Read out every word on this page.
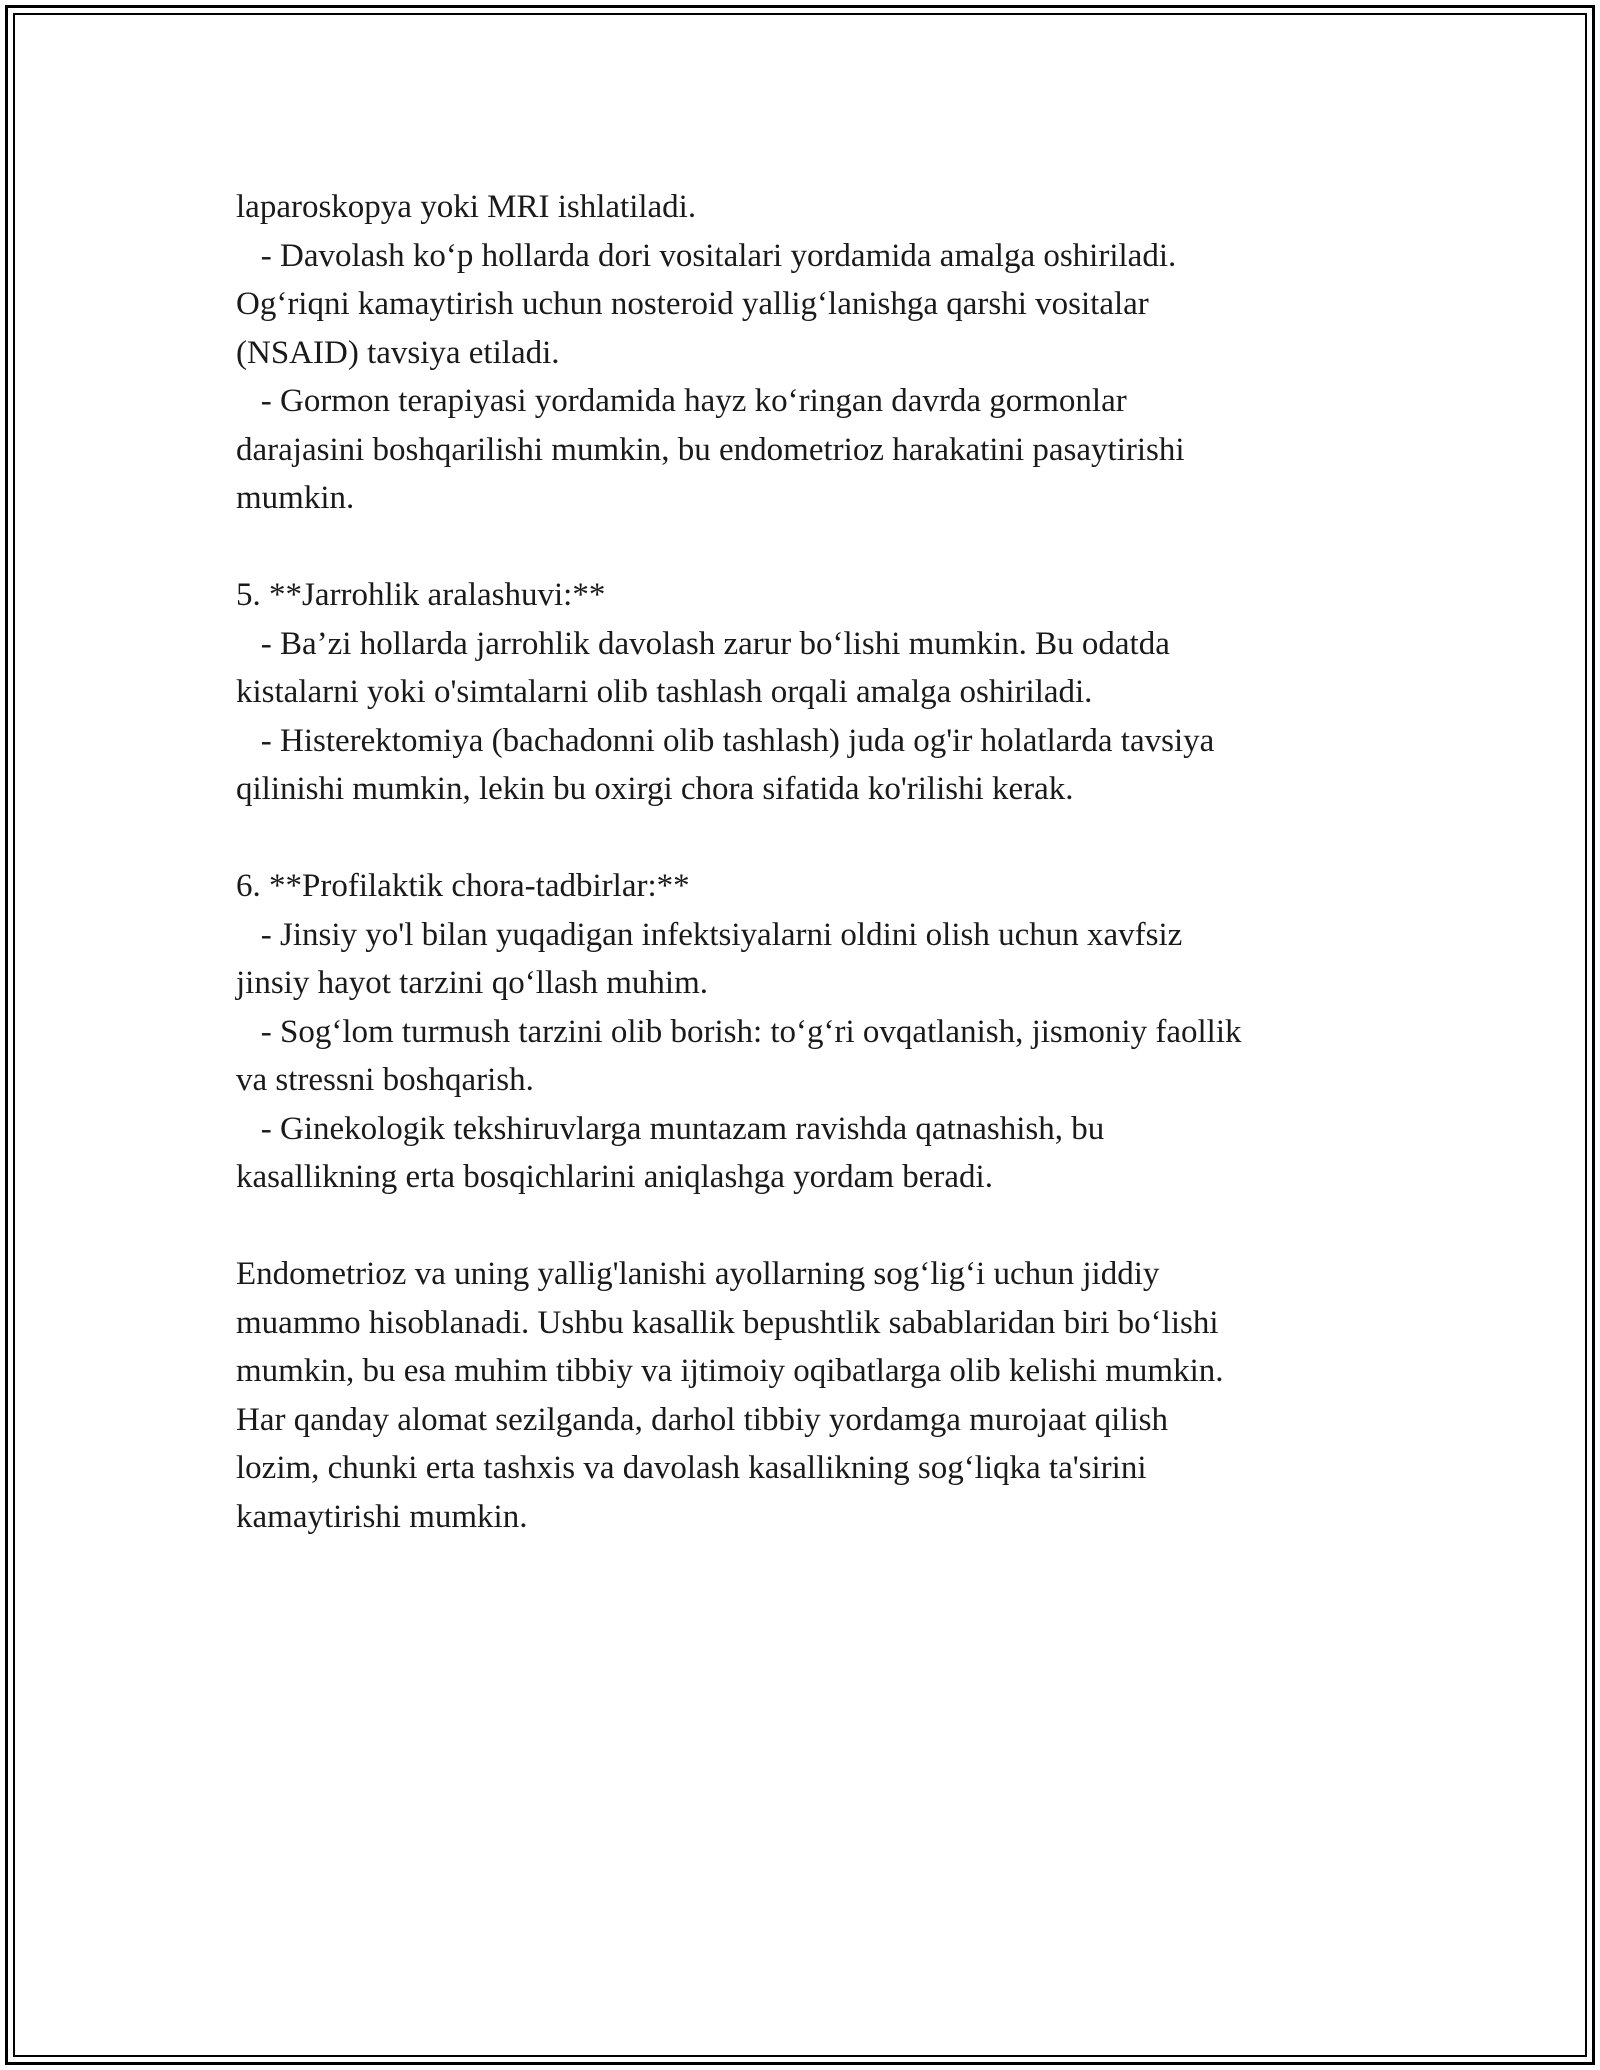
laparoskopya yoki MRI ishlatiladi.
- Davolash koʻp hollarda dori vositalari yordamida amalga oshiriladi.
Ogʻriqni kamaytirish uchun nosteroid yalligʻlanishga qarshi vositalar
(NSAID) tavsiya etiladi.
- Gormon terapiyasi yordamida hayz koʻringan davrda gormonlar
darajasini boshqarilishi mumkin, bu endometrioz harakatini pasaytirishi
mumkin.
5. **Jarrohlik aralashuvi:**
- Ba’zi hollarda jarrohlik davolash zarur boʻlishi mumkin. Bu odatda
kistalarni yoki o'simtalarni olib tashlash orqali amalga oshiriladi.
- Histerektomiya (bachadonni olib tashlash) juda og'ir holatlarda tavsiya
qilinishi mumkin, lekin bu oxirgi chora sifatida ko'rilishi kerak.
6. **Profilaktik chora-tadbirlar:**
- Jinsiy yo'l bilan yuqadigan infektsiyalarni oldini olish uchun xavfsiz
jinsiy hayot tarzini qoʻllash muhim.
- Sogʻlom turmush tarzini olib borish: toʻgʻri ovqatlanish, jismoniy faollik
va stressni boshqarish.
- Ginekologik tekshiruvlarga muntazam ravishda qatnashish, bu
kasallikning erta bosqichlarini aniqlashga yordam beradi.
Endometrioz va uning yallig'lanishi ayollarning sogʻligʻi uchun jiddiy
muammo hisoblanadi. Ushbu kasallik bepushtlik sabablaridan biri boʻlishi
mumkin, bu esa muhim tibbiy va ijtimoiy oqibatlarga olib kelishi mumkin.
Har qanday alomat sezilganda, darhol tibbiy yordamga murojaat qilish
lozim, chunki erta tashxis va davolash kasallikning sogʻliqka ta'sirini
kamaytirishi mumkin.
